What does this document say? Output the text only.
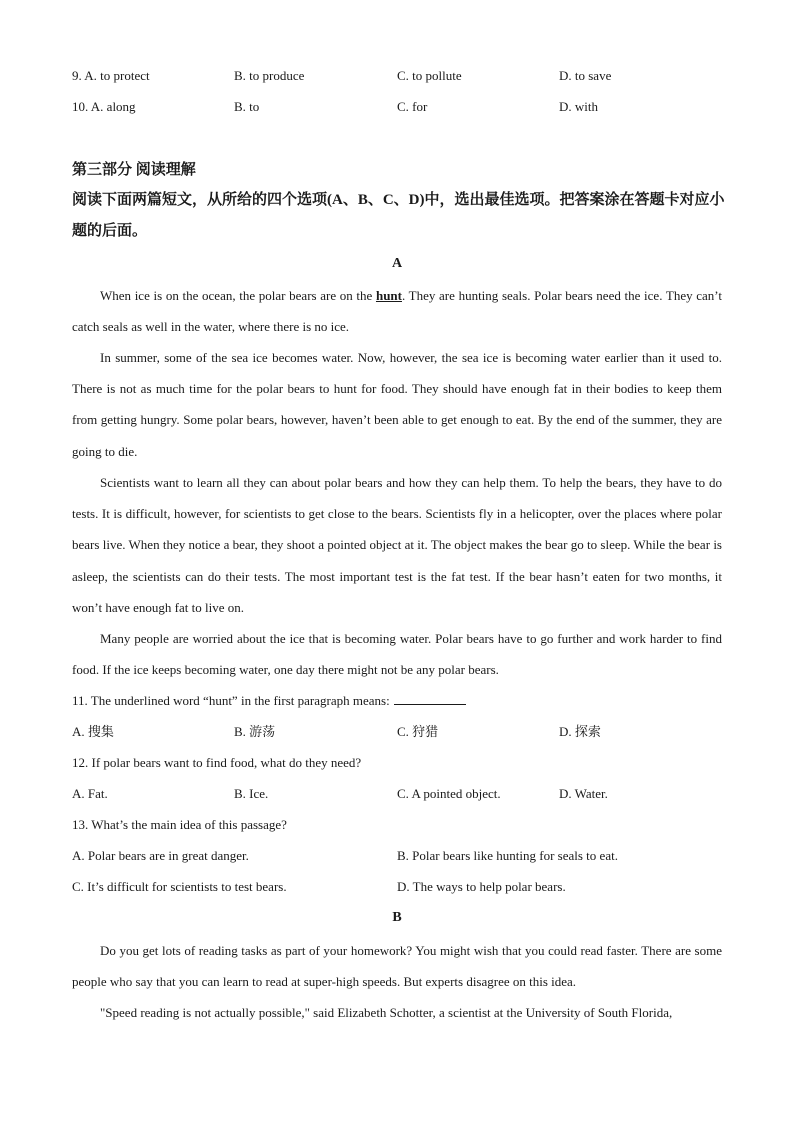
9. A. to protect	B. to produce	C. to pollute	D. to save
10. A. along	B. to	C. for	D. with
第三部分 阅读理解
阅读下面两篇短文，从所给的四个选项(A、B、C、D)中，选出最佳选项。把答案涂在答题卡对应小题的后面。
A
When ice is on the ocean, the polar bears are on the hunt. They are hunting seals. Polar bears need the ice. They can’t catch seals as well in the water, where there is no ice.
In summer, some of the sea ice becomes water. Now, however, the sea ice is becoming water earlier than it used to. There is not as much time for the polar bears to hunt for food. They should have enough fat in their bodies to keep them from getting hungry. Some polar bears, however, haven’t been able to get enough to eat. By the end of the summer, they are going to die.
Scientists want to learn all they can about polar bears and how they can help them. To help the bears, they have to do tests. It is difficult, however, for scientists to get close to the bears. Scientists fly in a helicopter, over the places where polar bears live. When they notice a bear, they shoot a pointed object at it. The object makes the bear go to sleep. While the bear is asleep, the scientists can do their tests. The most important test is the fat test. If the bear hasn’t eaten for two months, it won’t have enough fat to live on.
Many people are worried about the ice that is becoming water. Polar bears have to go further and work harder to find food. If the ice keeps becoming water, one day there might not be any polar bears.
11. The underlined word “hunt” in the first paragraph means:
A. 搜集	B. 游荡	C. 狩猎	D. 探索
12. If polar bears want to find food, what do they need?
A. Fat.	B. Ice.	C. A pointed object.	D. Water.
13. What’s the main idea of this passage?
A. Polar bears are in great danger.	B. Polar bears like hunting for seals to eat.
C. It’s difficult for scientists to test bears.	D. The ways to help polar bears.
B
Do you get lots of reading tasks as part of your homework? You might wish that you could read faster. There are some people who say that you can learn to read at super-high speeds. But experts disagree on this idea.
"Speed reading is not actually possible," said Elizabeth Schotter, a scientist at the University of South Florida,
